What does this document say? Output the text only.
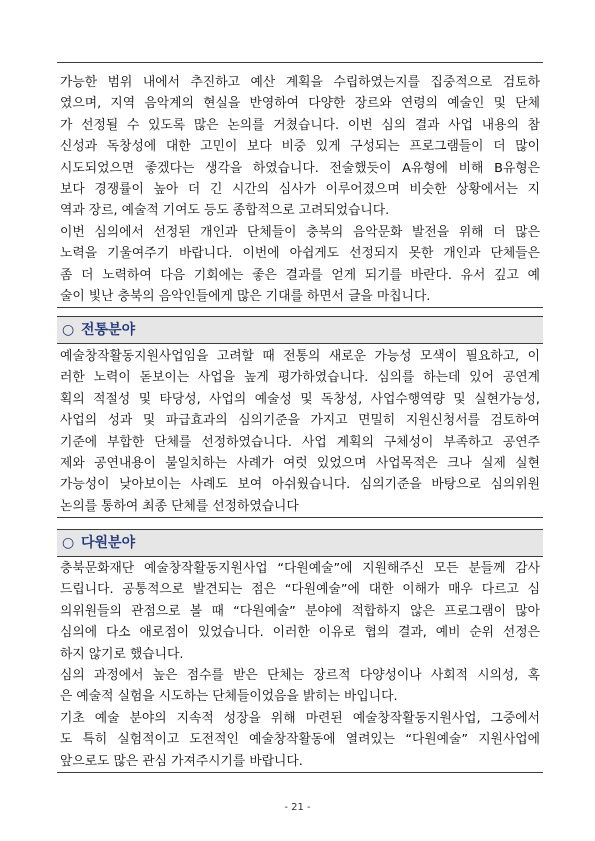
가능한 범위 내에서 추진하고 예산 계획을 수립하였는지를 집중적으로 검토하
였으며, 지역 음악계의 현실을 반영하여 다양한 장르와 연령의 예술인 및 단체
가 선정될 수 있도록 많은 논의를 거쳤습니다. 이번 심의 결과 사업 내용의 참
신성과 독창성에 대한 고민이 보다 비중 있게 구성되는 프로그램들이 더 많이
시도되었으면 좋겠다는 생각을 하였습니다. 전술했듯이 A유형에 비해 B유형은
보다 경쟁률이 높아 더 긴 시간의 심사가 이루어졌으며 비슷한 상황에서는 지
역과 장르, 예술적 기여도 등도 종합적으로 고려되었습니다.
이번 심의에서 선정된 개인과 단체들이 충북의 음악문화 발전을 위해 더 많은
노력을 기울여주기 바랍니다. 이번에 아쉽게도 선정되지 못한 개인과 단체들은
좀 더 노력하여 다음 기회에는 좋은 결과를 얻게 되기를 바란다. 유서 깊고 예
술이 빛난 충북의 음악인들에게 많은 기대를 하면서 글을 마칩니다.
○ 전통분야
예술창작활동지원사업임을 고려할 때 전통의 새로운 가능성 모색이 필요하고, 이
러한 노력이 돋보이는 사업을 높게 평가하였습니다. 심의를 하는데 있어 공연계
획의 적절성 및 타당성, 사업의 예술성 및 독창성, 사업수행역량 및 실현가능성,
사업의 성과 및 파급효과의 심의기준을 가지고 면밀히 지원신청서를 검토하여
기준에 부합한 단체를 선정하였습니다. 사업 계획의 구체성이 부족하고 공연주
제와 공연내용이 불일치하는 사례가 여럿 있었으며 사업목적은 크나 실제 실현
가능성이 낮아보이는 사례도 보여 아쉬웠습니다. 심의기준을 바탕으로 심의위원
논의를 통하여 최종 단체를 선정하였습니다
○ 다원분야
충북문화재단 예술창작활동지원사업 “다원예술”에 지원해주신 모든 분들께 감사
드립니다. 공통적으로 발견되는 점은 “다원예술”에 대한 이해가 매우 다르고 심
의위원들의 관점으로 볼 때 “다원예술” 분야에 적합하지 않은 프로그램이 많아
심의에 다소 애로점이 있었습니다. 이러한 이유로 협의 결과, 예비 순위 선정은
하지 않기로 했습니다.
심의 과정에서 높은 점수를 받은 단체는 장르적 다양성이나 사회적 시의성, 혹
은 예술적 실험을 시도하는 단체들이었음을 밝히는 바입니다.
기초 예술 분야의 지속적 성장을 위해 마련된 예술창작활동지원사업, 그중에서
도 특히 실험적이고 도전적인 예술창작활동에 열려있는 “다원예술” 지원사업에
앞으로도 많은 관심 가져주시기를 바랍니다.
- 21 -
